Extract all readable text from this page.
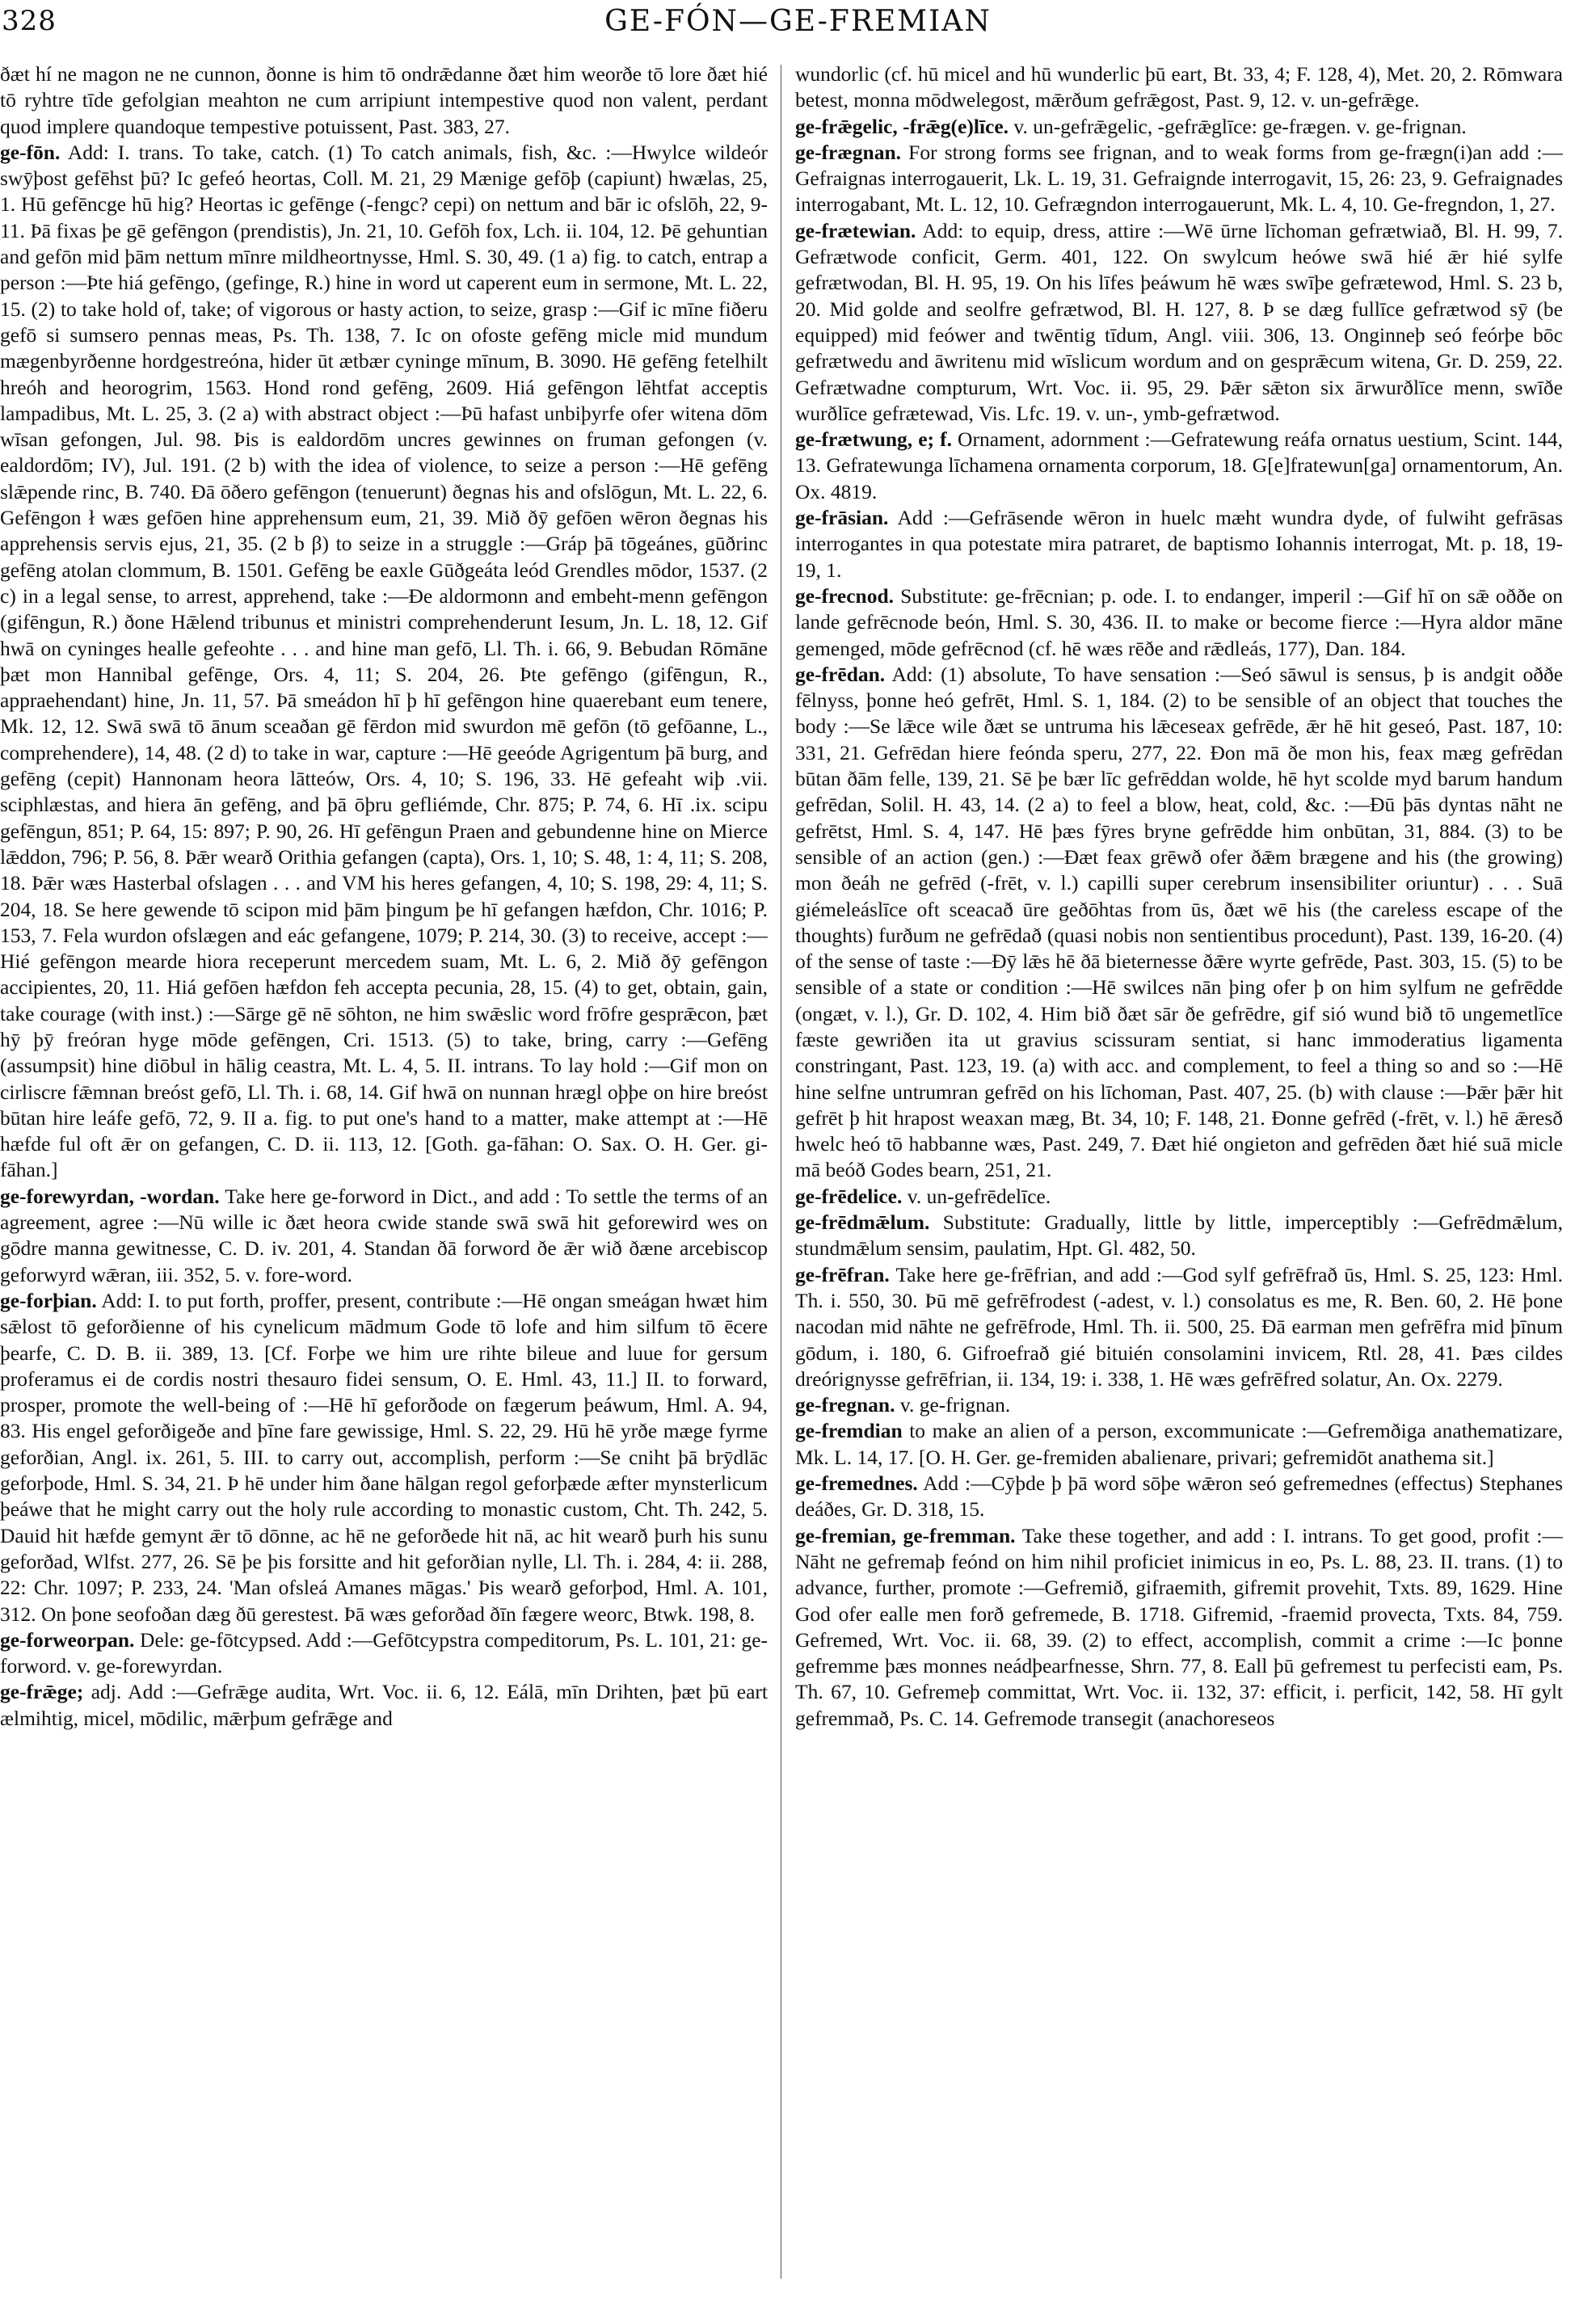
328	GE-FÓN—GE-FREMIAN

ðæt hí ne magon ne ne cunnon, ðonne is him tō ondrǣdanne ðæt him weorðe tō lore ðæt hié tō ryhtre tīde gefolgian meahton ne cum arripiunt intempestive quod non valent, perdant quod implere quandoque tempestive potuissent, Past. 383, 27.

ge-fōn. Add: I. trans. To take, catch. (1) To catch animals, fish, &c. :—Hwylce wildeór swȳþost gefēhst þū? Ic gefeó heortas, Coll. M. 21, 29 Mænige gefōþ (capiunt) hwælas, 25, 1. Hū gefēncge hū hig? Heortas ic gefēnge (-fengc? cepi) on nettum and bār ic ofslōh, 22, 9-11. Þā fixas þe gē gefēngon (prendistis), Jn. 21, 10. Gefōh fox, Lch. ii. 104, 12. Þē gehuntian and gefōn mid þām nettum mīnre mildheortnysse, Hml. S. 30, 49. (1 a) fig. to catch, entrap a person :—Þte hiá gefēngo, (gefinge, R.) hine in word ut caperent eum in sermone, Mt. L. 22, 15. (2) to take hold of, take; of vigorous or hasty action, to seize, grasp :—Gif ic mīne fiðeru gefō si sumsero pennas meas, Ps. Th. 138, 7. Ic on ofoste gefēng micle mid mundum mægenbyrðenne hordgestreóna, hider ūt ætbær cyninge mīnum, B. 3090. Hē gefēng fetelhilt hreóh and heorogrim, 1563. Hond rond gefēng, 2609. Hiá gefēngon lēhtfat acceptis lampadibus, Mt. L. 25, 3. (2 a) with abstract object :—Þū hafast unbiþyrfe ofer witena dōm wīsan gefongen, Jul. 98. Þis is ealdordōm uncres gewinnes on fruman gefongen (v. ealdordōm; IV), Jul. 191. (2 b) with the idea of violence, to seize a person :—Hē gefēng slǣpende rinc, B. 740. Ðā ōðero gefēngon (tenuerunt) ðegnas his and ofslōgun, Mt. L. 22, 6. Gefēngon ł wæs gefōen hine apprehensum eum, 21, 39. Mið ðȳ gefōen wēron ðegnas his apprehensis servis ejus, 21, 35. (2 b β) to seize in a struggle :—Gráp þā tōgeánes, gūðrinc gefēng atolan clommum, B. 1501. Gefēng be eaxle Gūðgeáta leód Grendles mōdor, 1537. (2 c) in a legal sense, to arrest, apprehend, take :—Ðe aldormonn and embeht-menn gefēngon (gifēngun, R.) ðone Hǣlend tribunus et ministri comprehenderunt Iesum, Jn. L. 18, 12. Gif hwā on cyninges healle gefeohte . . . and hine man gefō, Ll. Th. i. 66, 9. Bebudan Rōmāne þæt mon Hannibal gefēnge, Ors. 4, 11; S. 204, 26. Þte gefēngo (gifēngun, R., appraehendant) hine, Jn. 11, 57. Þā smeádon hī þ hī gefēngon hine quaerebant eum tenere, Mk. 12, 12. Swā swā tō ānum sceaðan gē fērdon mid swurdon mē gefōn (tō gefōanne, L., comprehendere), 14, 48. (2 d) to take in war, capture :—Hē geeóde Agrigentum þā burg, and gefēng (cepit) Hannonam heora lātteów, Ors. 4, 10; S. 196, 33. Hē gefeaht wiþ .vii. sciphlæstas, and hiera ān gefēng, and þā ōþru gefliémde, Chr. 875; P. 74, 6. Hī .ix. scipu gefēngun, 851; P. 64, 15: 897; P. 90, 26. Hī gefēngun Praen and gebundenne hine on Mierce lǣddon, 796; P. 56, 8. Þǣr wearð Orithia gefangen (capta), Ors. 1, 10; S. 48, 1: 4, 11; S. 208, 18. Þǣr wæs Hasterbal ofslagen . . . and VM his heres gefangen, 4, 10; S. 198, 29: 4, 11; S. 204, 18. Se here gewende tō scipon mid þām þingum þe hī gefangen hæfdon, Chr. 1016; P. 153, 7. Fela wurdon ofslægen and eác gefangene, 1079; P. 214, 30. (3) to receive, accept :—Hié gefēngon mearde hiora receperunt mercedem suam, Mt. L. 6, 2. Mið ðȳ gefēngon accipientes, 20, 11. Hiá gefōen hæfdon feh accepta pecunia, 28, 15. (4) to get, obtain, gain, take courage (with inst.) :—Sārge gē nē sōhton, ne him swǣslic word frōfre gesprǣcon, þæt hȳ þȳ freóran hyge mōde gefēngen, Cri. 1513. (5) to take, bring, carry :—Gefēng (assumpsit) hine diōbul in hālig ceastra, Mt. L. 4, 5. II. intrans. To lay hold :—Gif mon on cirliscre fǣmnan breóst gefō, Ll. Th. i. 68, 14. Gif hwā on nunnan hrægl oþþe on hire breóst būtan hire leáfe gefō, 72, 9. II a. fig. to put one's hand to a matter, make attempt at :—Hē hæfde ful oft ǣr on gefangen, C. D. ii. 113, 12. [Goth. ga-fāhan: O. Sax. O. H. Ger. gi-fāhan.]

ge-forewyrdan, -wordan. Take here ge-forword in Dict., and add : To settle the terms of an agreement, agree :—Nū wille ic ðæt heora cwide stande swā swā hit geforewird wes on gōdre manna gewitnesse, C. D. iv. 201, 4. Standan ðā forword ðe ǣr wið ðæne arcebiscop geforwyrd wǣran, iii. 352, 5. v. fore-word.

ge-forþian. Add: I. to put forth, proffer, present, contribute :—Hē ongan smeágan hwæt him sǣlost tō geforðienne of his cynelicum mādmum Gode tō lofe and him silfum tō ēcere þearfe, C. D. B. ii. 389, 13. [Cf. Forþe we him ure rihte bileue and luue for gersum proferamus ei de cordis nostri thesauro fidei sensum, O. E. Hml. 43, 11.] II. to forward, prosper, promote the well-being of :—Hē hī geforðode on fægerum þeáwum, Hml. A. 94, 83. His engel geforðigeðe and þīne fare gewissige, Hml. S. 22, 29. Hū hē yrðe mæge fyrme geforðian, Angl. ix. 261, 5. III. to carry out, accomplish, perform :—Se cniht þā brȳdlāc geforþode, Hml. S. 34, 21. Þ hē under him ðane hālgan regol geforþæde æfter mynsterlicum þeáwe that he might carry out the holy rule according to monastic custom, Cht. Th. 242, 5. Dauid hit hæfde gemynt ǣr tō dōnne, ac hē ne geforðede hit nā, ac hit wearð þurh his sunu geforðad, Wlfst. 277, 26. Sē þe þis forsitte and hit geforðian nylle, Ll. Th. i. 284, 4: ii. 288, 22: Chr. 1097; P. 233, 24. 'Man ofsleá Amanes māgas.' Þis wearð geforþod, Hml. A. 101, 312. On þone seofoðan dæg ðū gerestest. Þā wæs geforðad ðīn fægere weorc, Btwk. 198, 8.

ge-forweorpan. Dele: ge-fōtcypsed. Add :—Gefōtcypstra compeditorum, Ps. L. 101, 21: ge-forword. v. ge-forewyrdan.

ge-frǣge; adj. Add :—Gefrǣge audita, Wrt. Voc. ii. 6, 12. Eálā, mīn Drihten, þæt þū eart ælmihtig, micel, mōdilic, mǣrþum gefrǣge and

wundorlic (cf. hū micel and hū wunderlic þū eart, Bt. 33, 4; F. 128, 4), Met. 20, 2. Rōmwara betest, monna mōdwelegost, mǣrðum gefrǣgost, Past. 9, 12. v. un-gefrǣge.

ge-frǣgelic, -frǣg(e)līce. v. un-gefrǣgelic, -gefrǣglīce: ge-frægen. v. ge-frignan.

ge-frægnan. For strong forms see frignan, and to weak forms from ge-frægn(i)an add :—Gefraignas interrogauerit, Lk. L. 19, 31. Gefraignde interrogavit, 15, 26: 23, 9. Gefraignades interrogabant, Mt. L. 12, 10. Gefrægndon interrogauerunt, Mk. L. 4, 10. Ge-fregndon, 1, 27.

ge-frætewian. Add: to equip, dress, attire :—Wē ūrne līchoman gefrætwiað, Bl. H. 99, 7. Gefrætwode conficit, Germ. 401, 122. On swylcum heówe swā hié ǣr hié sylfe gefrætwodan, Bl. H. 95, 19. On his līfes þeáwum hē wæs swīþe gefrætewod, Hml. S. 23 b, 20. Mid golde and seolfre gefrætwod, Bl. H. 127, 8. Þ se dæg fullīce gefrætwod sȳ (be equipped) mid feówer and twēntig tīdum, Angl. viii. 306, 13. Onginneþ seó feórþe bōc gefrætwedu and āwritenu mid wīslicum wordum and on gesprǣcum witena, Gr. D. 259, 22. Gefrætwadne compturum, Wrt. Voc. ii. 95, 29. Þǣr sǣton six ārwurðlīce menn, swīðe wurðlīce gefrætewad, Vis. Lfc. 19. v. un-, ymb-gefrætwod.

ge-frætwung, e; f. Ornament, adornment :—Gefratewung reáfa ornatus uestium, Scint. 144, 13. Gefratewunga līchamena ornamenta corporum, 18. G[e]fratewun[ga] ornamentorum, An. Ox. 4819.

ge-frāsian. Add :—Gefrāsende wēron in huelc mæht wundra dyde, of fulwiht gefrāsas interrogantes in qua potestate mira patraret, de baptismo Iohannis interrogat, Mt. p. 18, 19-19, 1.

ge-frecnod. Substitute: ge-frēcnian; p. ode. I. to endanger, imperil :—Gif hī on sǣ oððe on lande gefrēcnode beón, Hml. S. 30, 436. II. to make or become fierce :—Hyra aldor māne gemenged, mōde gefrēcnod (cf. hē wæs rēðe and rǣdleás, 177), Dan. 184.

ge-frēdan. Add: (1) absolute, To have sensation :—Seó sāwul is sensus, þ is andgit oððe fēlnyss, þonne heó gefrēt, Hml. S. 1, 184. (2) to be sensible of an object that touches the body :—Se lǣce wile ðæt se untruma his lǣceseax gefrēde, ǣr hē hit geseó, Past. 187, 10: 331, 21. Gefrēdan hiere feónda speru, 277, 22. Ðon mā ðe mon his, feax mæg gefrēdan būtan ðām felle, 139, 21. Sē þe bær līc gefrēddan wolde, hē hyt scolde myd barum handum gefrēdan, Solil. H. 43, 14. (2 a) to feel a blow, heat, cold, &c. :—Ðū þās dyntas nāht ne gefrētst, Hml. S. 4, 147. Hē þæs fȳres bryne gefrēdde him onbūtan, 31, 884. (3) to be sensible of an action (gen.) :—Ðæt feax grēwð ofer ðǣm brægene and his (the growing) mon ðeáh ne gefrēd (-frēt, v. l.) capilli super cerebrum insensibiliter oriuntur) . . . Suā giémeleáslīce oft sceacað ūre geðōhtas from ūs, ðæt wē his (the careless escape of the thoughts) furðum ne gefrēdað (quasi nobis non sentientibus procedunt), Past. 139, 16-20. (4) of the sense of taste :—Ðȳ lǣs hē ðā bieternesse ðǣre wyrte gefrēde, Past. 303, 15. (5) to be sensible of a state or condition :—Hē swilces nān þing ofer þ on him sylfum ne gefrēdde (ongæt, v. l.), Gr. D. 102, 4. Him bið ðæt sār ðe gefrēdre, gif sió wund bið tō ungemetlīce fæste gewriðen ita ut gravius scissuram sentiat, si hanc immoderatius ligamenta constringant, Past. 123, 19. (a) with acc. and complement, to feel a thing so and so :—Hē hine selfne untrumran gefrēd on his līchoman, Past. 407, 25. (b) with clause :—Þǣr þǣr hit gefrēt þ hit hrapost weaxan mæg, Bt. 34, 10; F. 148, 21. Ðonne gefrēd (-frēt, v. l.) hē ǣresð hwelc heó tō habbanne wæs, Past. 249, 7. Ðæt hié ongieton and gefrēden ðæt hié suā micle mā beóð Godes bearn, 251, 21.

ge-frēdelice. v. un-gefrēdelīce.

ge-frēdmǣlum. Substitute: Gradually, little by little, imperceptibly :—Gefrēdmǣlum, stundmǣlum sensim, paulatim, Hpt. Gl. 482, 50.

ge-frēfran. Take here ge-frēfrian, and add :—God sylf gefrēfrað ūs, Hml. S. 25, 123: Hml. Th. i. 550, 30. Þū mē gefrēfrodest (-adest, v. l.) consolatus es me, R. Ben. 60, 2. Hē þone nacodan mid nāhte ne gefrēfrode, Hml. Th. ii. 500, 25. Ðā earman men gefrēfra mid þīnum gōdum, i. 180, 6. Gifroefrað gié bituién consolamini invicem, Rtl. 28, 41. Þæs cildes dreórignysse gefrēfrian, ii. 134, 19: i. 338, 1. Hē wæs gefrēfred solatur, An. Ox. 2279.

ge-fregnan. v. ge-frignan.

ge-fremdian to make an alien of a person, excommunicate :—Gefremðiga anathematizare, Mk. L. 14, 17. [O. H. Ger. ge-fremiden abalienare, privari; gefremidōt anathema sit.]

ge-fremednes. Add :—Cȳþde þ þā word sōþe wǣron seó gefremednes (effectus) Stephanes deáðes, Gr. D. 318, 15.

ge-fremian, ge-fremman. Take these together, and add : I. intrans. To get good, profit :—Nāht ne gefremaþ feónd on him nihil proficiet inimicus in eo, Ps. L. 88, 23. II. trans. (1) to advance, further, promote :—Gefremið, gifraemith, gifremit provehit, Txts. 89, 1629. Hine God ofer ealle men forð gefremede, B. 1718. Gifremid, -fraemid provecta, Txts. 84, 759. Gefremed, Wrt. Voc. ii. 68, 39. (2) to effect, accomplish, commit a crime :—Ic þonne gefremme þæs monnes neádþearfnesse, Shrn. 77, 8. Eall þū gefremest tu perfecisti eam, Ps. Th. 67, 10. Gefremeþ committat, Wrt. Voc. ii. 132, 37: efficit, i. perficit, 142, 58. Hī gylt gefremmað, Ps. C. 14. Gefremode transegit (anachoreseos
